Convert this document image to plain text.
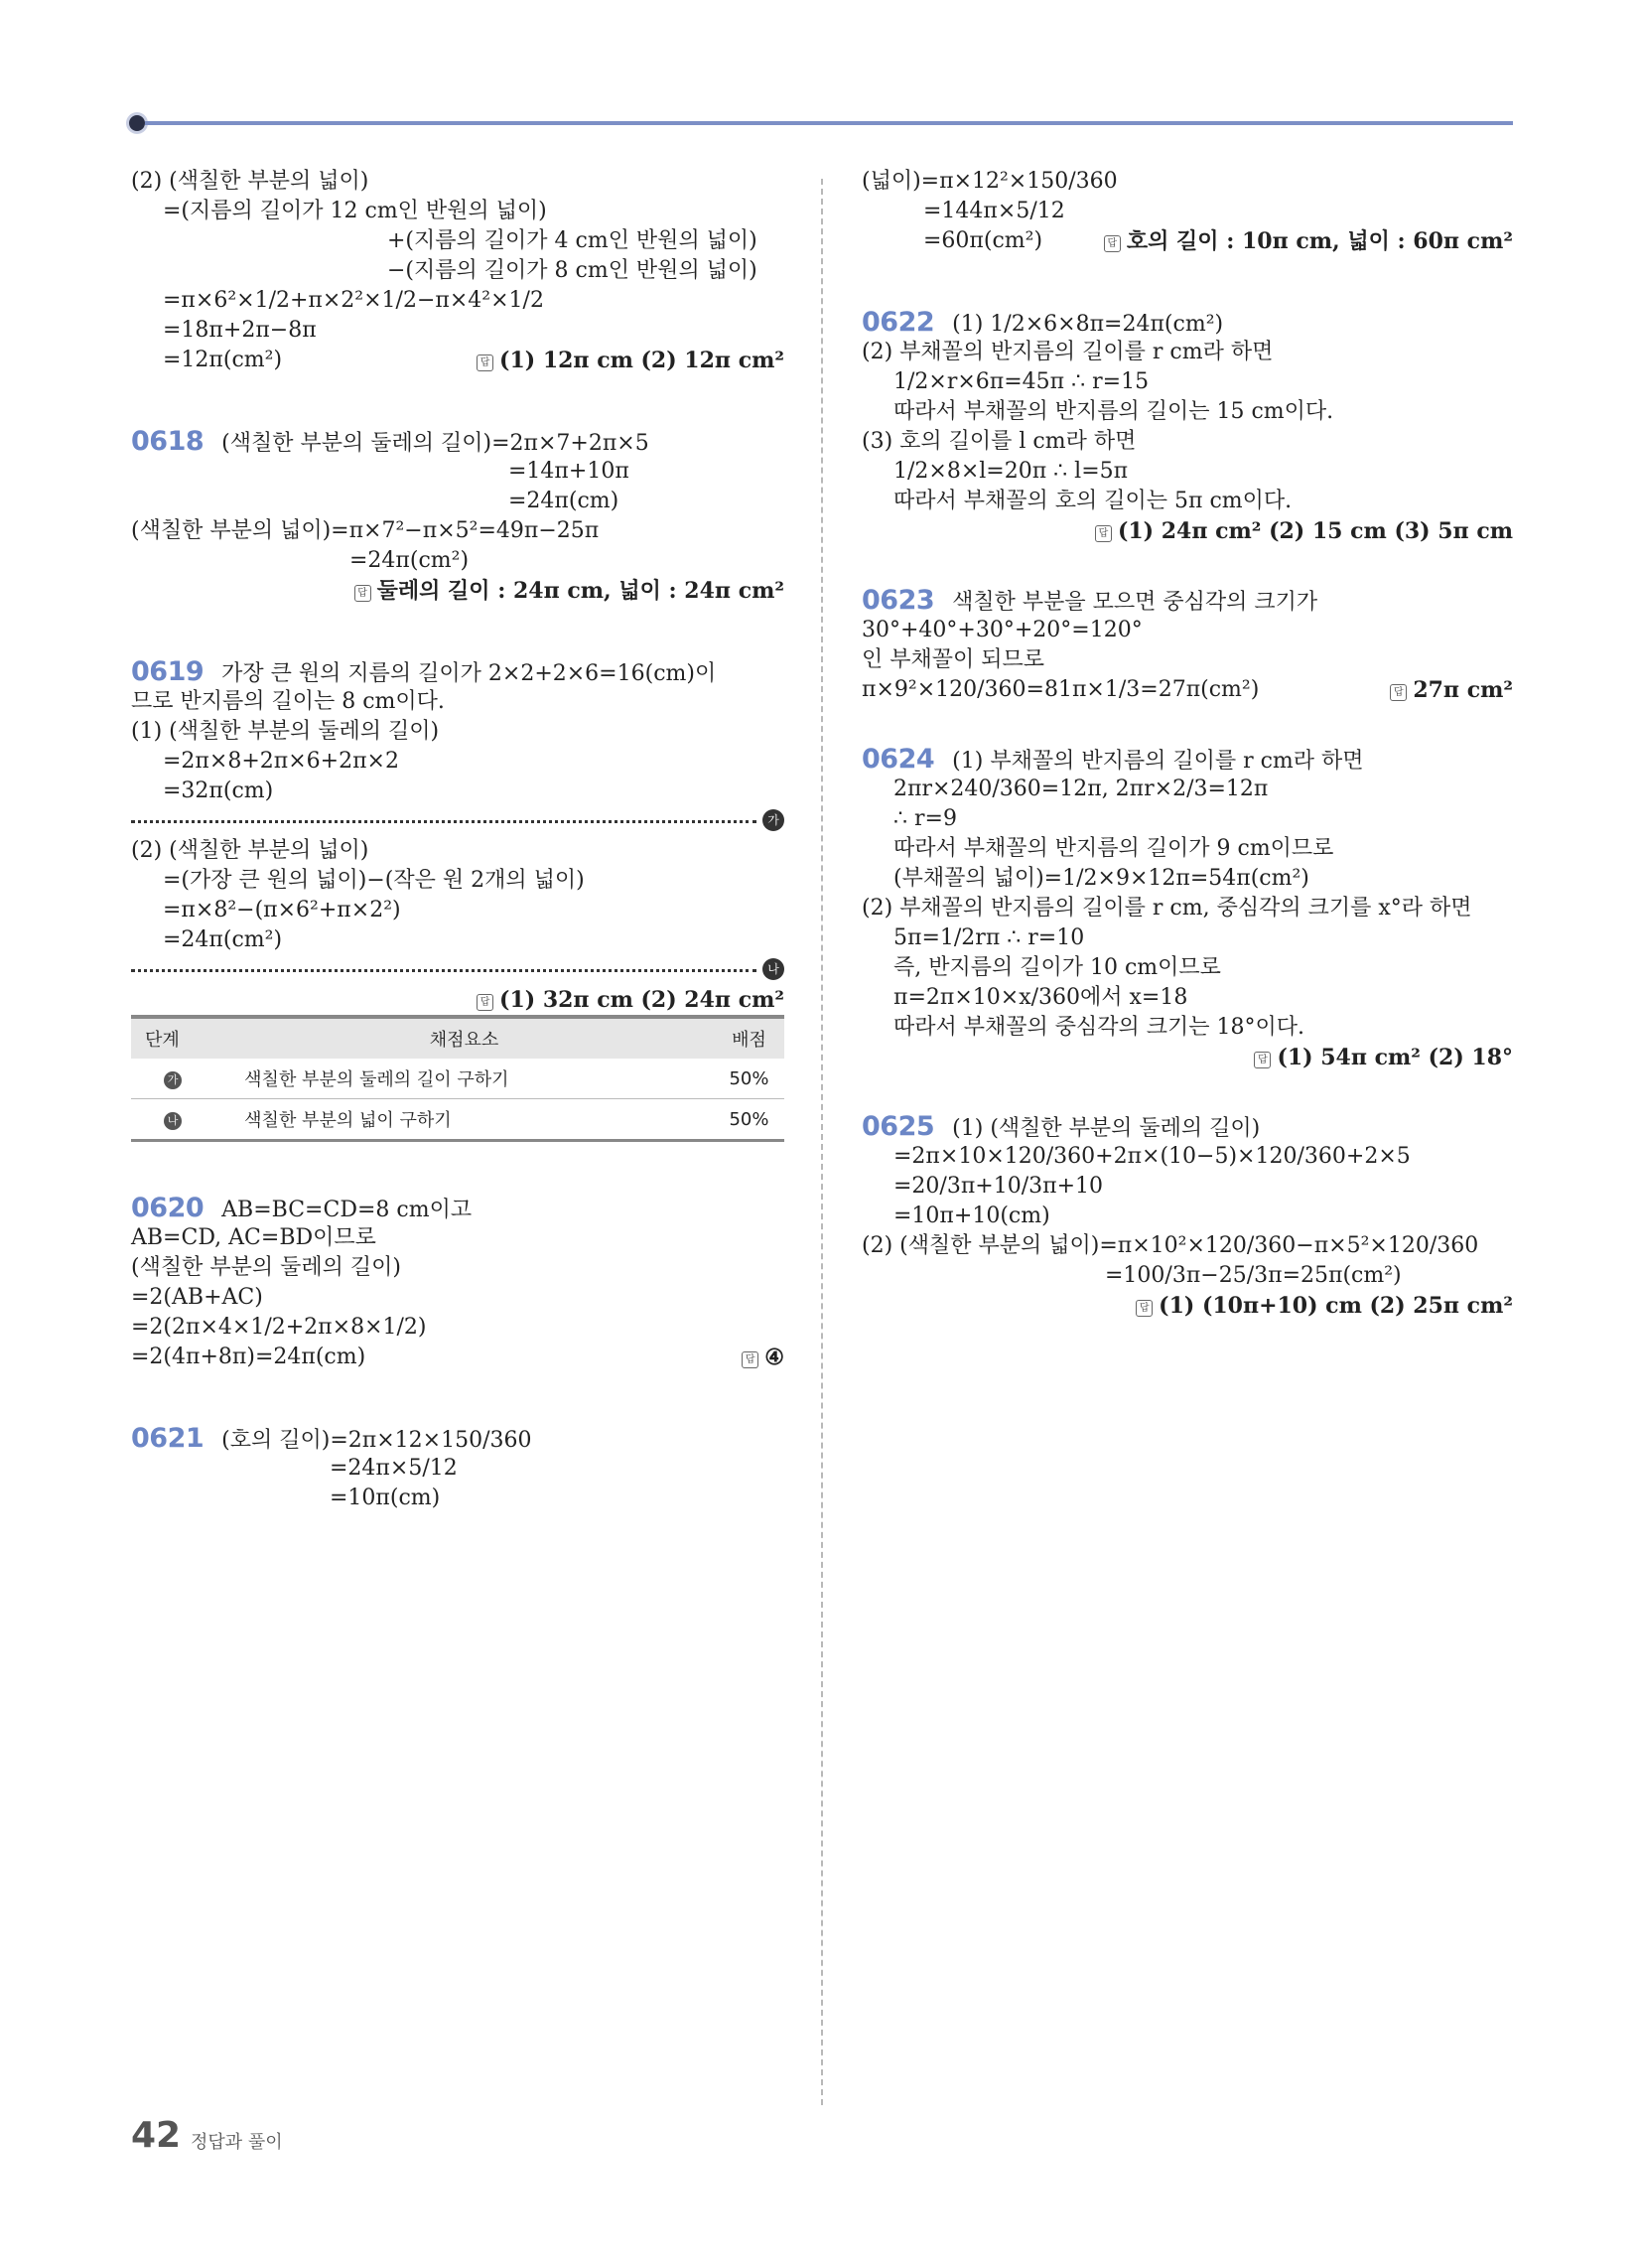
(2) (색칠한 부분의 넓이)
=(지름의 길이가 12 cm인 반원의 넓이)
+(지름의 길이가 4 cm인 반원의 넓이)
−(지름의 길이가 8 cm인 반원의 넓이)
=π×6²×1/2+π×2²×1/2−π×4²×1/2
=18π+2π−8π
=12π(cm²)	답 (1) 12π cm (2) 12π cm²
0618 (색칠한 부분의 둘레의 길이)=2π×7+2π×5
=14π+10π
=24π(cm)
(색칠한 부분의 넓이)=π×7²−π×5²=49π−25π
=24π(cm²)
답 둘레의 길이 : 24π cm, 넓이 : 24π cm²
0619 가장 큰 원의 지름의 길이가 2×2+2×6=16(cm)이
므로 반지름의 길이는 8 cm이다.
(1) (색칠한 부분의 둘레의 길이)
=2π×8+2π×6+2π×2
=32π(cm)
가
(2) (색칠한 부분의 넓이)
=(가장 큰 원의 넓이)−(작은 원 2개의 넓이)
=π×8²−(π×6²+π×2²)
=24π(cm²)
나
답 (1) 32π cm (2) 24π cm²
단계	채점요소	배점
가	색칠한 부분의 둘레의 길이 구하기	50%
나	색칠한 부분의 넓이 구하기	50%
0620 AB=BC=CD=8 cm이고
AB=CD, AC=BD이므로
(색칠한 부분의 둘레의 길이)
=2(AB+AC)
=2(2π×4×1/2+2π×8×1/2)
=2(4π+8π)=24π(cm)	답 ④
0621 (호의 길이)=2π×12×150/360
=24π×5/12
=10π(cm)
(넓이)=π×12²×150/360
=144π×5/12
=60π(cm²)	답 호의 길이 : 10π cm, 넓이 : 60π cm²
0622 (1) 1/2×6×8π=24π(cm²)
(2) 부채꼴의 반지름의 길이를 r cm라 하면
1/2×r×6π=45π ∴ r=15
따라서 부채꼴의 반지름의 길이는 15 cm이다.
(3) 호의 길이를 l cm라 하면
1/2×8×l=20π ∴ l=5π
따라서 부채꼴의 호의 길이는 5π cm이다.
답 (1) 24π cm² (2) 15 cm (3) 5π cm
0623 색칠한 부분을 모으면 중심각의 크기가
30°+40°+30°+20°=120°
인 부채꼴이 되므로
π×9²×120/360=81π×1/3=27π(cm²)	답 27π cm²
0624 (1) 부채꼴의 반지름의 길이를 r cm라 하면
2πr×240/360=12π, 2πr×2/3=12π
∴ r=9
따라서 부채꼴의 반지름의 길이가 9 cm이므로
(부채꼴의 넓이)=1/2×9×12π=54π(cm²)
(2) 부채꼴의 반지름의 길이를 r cm, 중심각의 크기를 x°라 하면
5π=1/2rπ ∴ r=10
즉, 반지름의 길이가 10 cm이므로
π=2π×10×x/360에서 x=18
따라서 부채꼴의 중심각의 크기는 18°이다.
답 (1) 54π cm² (2) 18°
0625 (1) (색칠한 부분의 둘레의 길이)
=2π×10×120/360+2π×(10−5)×120/360+2×5
=20/3π+10/3π+10
=10π+10(cm)
(2) (색칠한 부분의 넓이)=π×10²×120/360−π×5²×120/360
=100/3π−25/3π=25π(cm²)
답 (1) (10π+10) cm (2) 25π cm²
42 정답과 풀이
